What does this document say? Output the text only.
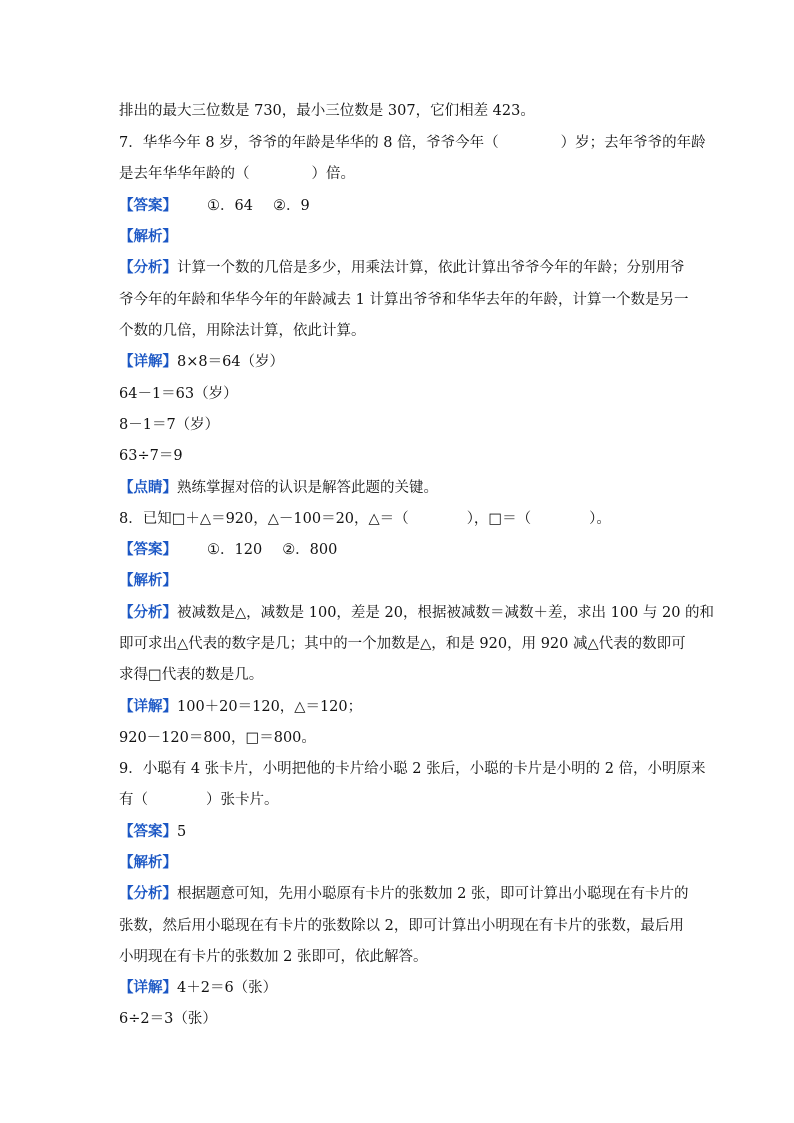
排出的最大三位数是 730，最小三位数是 307，它们相差 423。
7．华华今年 8 岁，爷爷的年龄是华华的 8 倍，爷爷今年（	）岁；去年爷爷的年龄
是去年华华年龄的（	）倍。
【答案】 ①．64 ②．9
【解析】
【分析】计算一个数的几倍是多少，用乘法计算，依此计算出爷爷今年的年龄；分别用爷
爷今年的年龄和华华今年的年龄减去 1 计算出爷爷和华华去年的年龄，计算一个数是另一
个数的几倍，用除法计算，依此计算。
【详解】8×8＝64（岁）
64－1＝63（岁）
8－1＝7（岁）
63÷7＝9
【点睛】熟练掌握对倍的认识是解答此题的关键。
8．已知□＋△＝920，△－100＝20，△＝（	），□＝（	）。
【答案】 ①．120 ②．800
【解析】
【分析】被减数是△，减数是 100，差是 20，根据被减数＝减数＋差，求出 100 与 20 的和
即可求出△代表的数字是几；其中的一个加数是△，和是 920，用 920 减△代表的数即可
求得□代表的数是几。
【详解】100＋20＝120，△＝120；
920－120＝800，□＝800。
9．小聪有 4 张卡片，小明把他的卡片给小聪 2 张后，小聪的卡片是小明的 2 倍，小明原来
有（	）张卡片。
【答案】5
【解析】
【分析】根据题意可知，先用小聪原有卡片的张数加 2 张，即可计算出小聪现在有卡片的
张数，然后用小聪现在有卡片的张数除以 2，即可计算出小明现在有卡片的张数，最后用
小明现在有卡片的张数加 2 张即可，依此解答。
【详解】4＋2＝6（张）
6÷2＝3（张）
